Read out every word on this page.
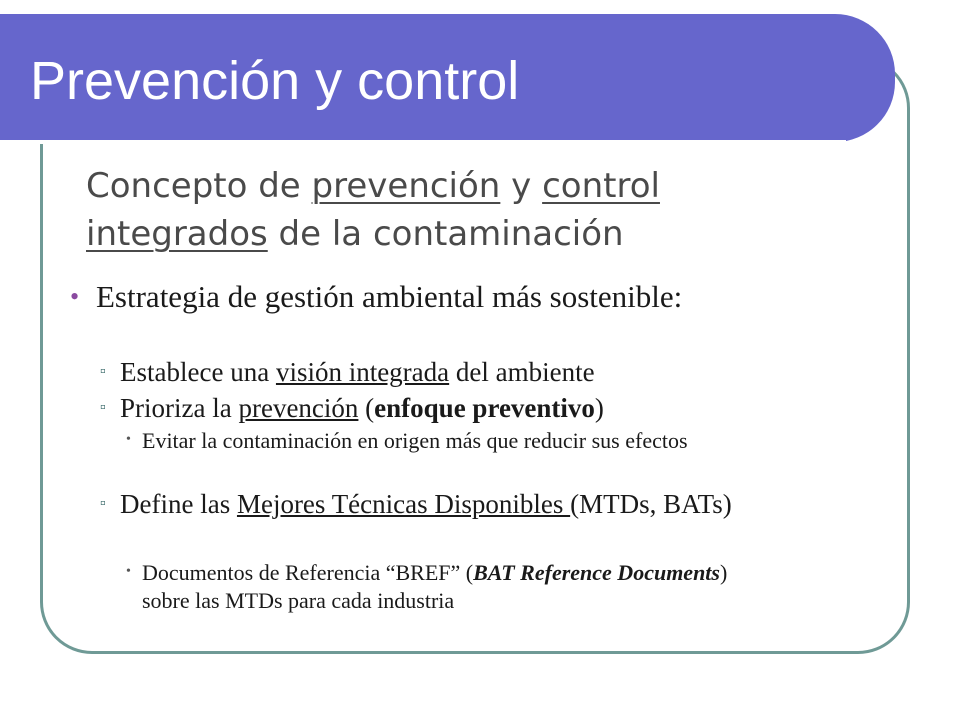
Prevención y control
Concepto de prevención y control
integrados de la contaminación
• Estrategia de gestión ambiental más sostenible:
▫ Establece una visión integrada del ambiente
▫ Prioriza la prevención (enfoque preventivo)
• Evitar la contaminación en origen más que reducir sus efectos
▫ Define las Mejores Técnicas Disponibles (MTDs, BATs)
• Documentos de Referencia “BREF” (BAT Reference Documents) sobre las MTDs para cada industria
